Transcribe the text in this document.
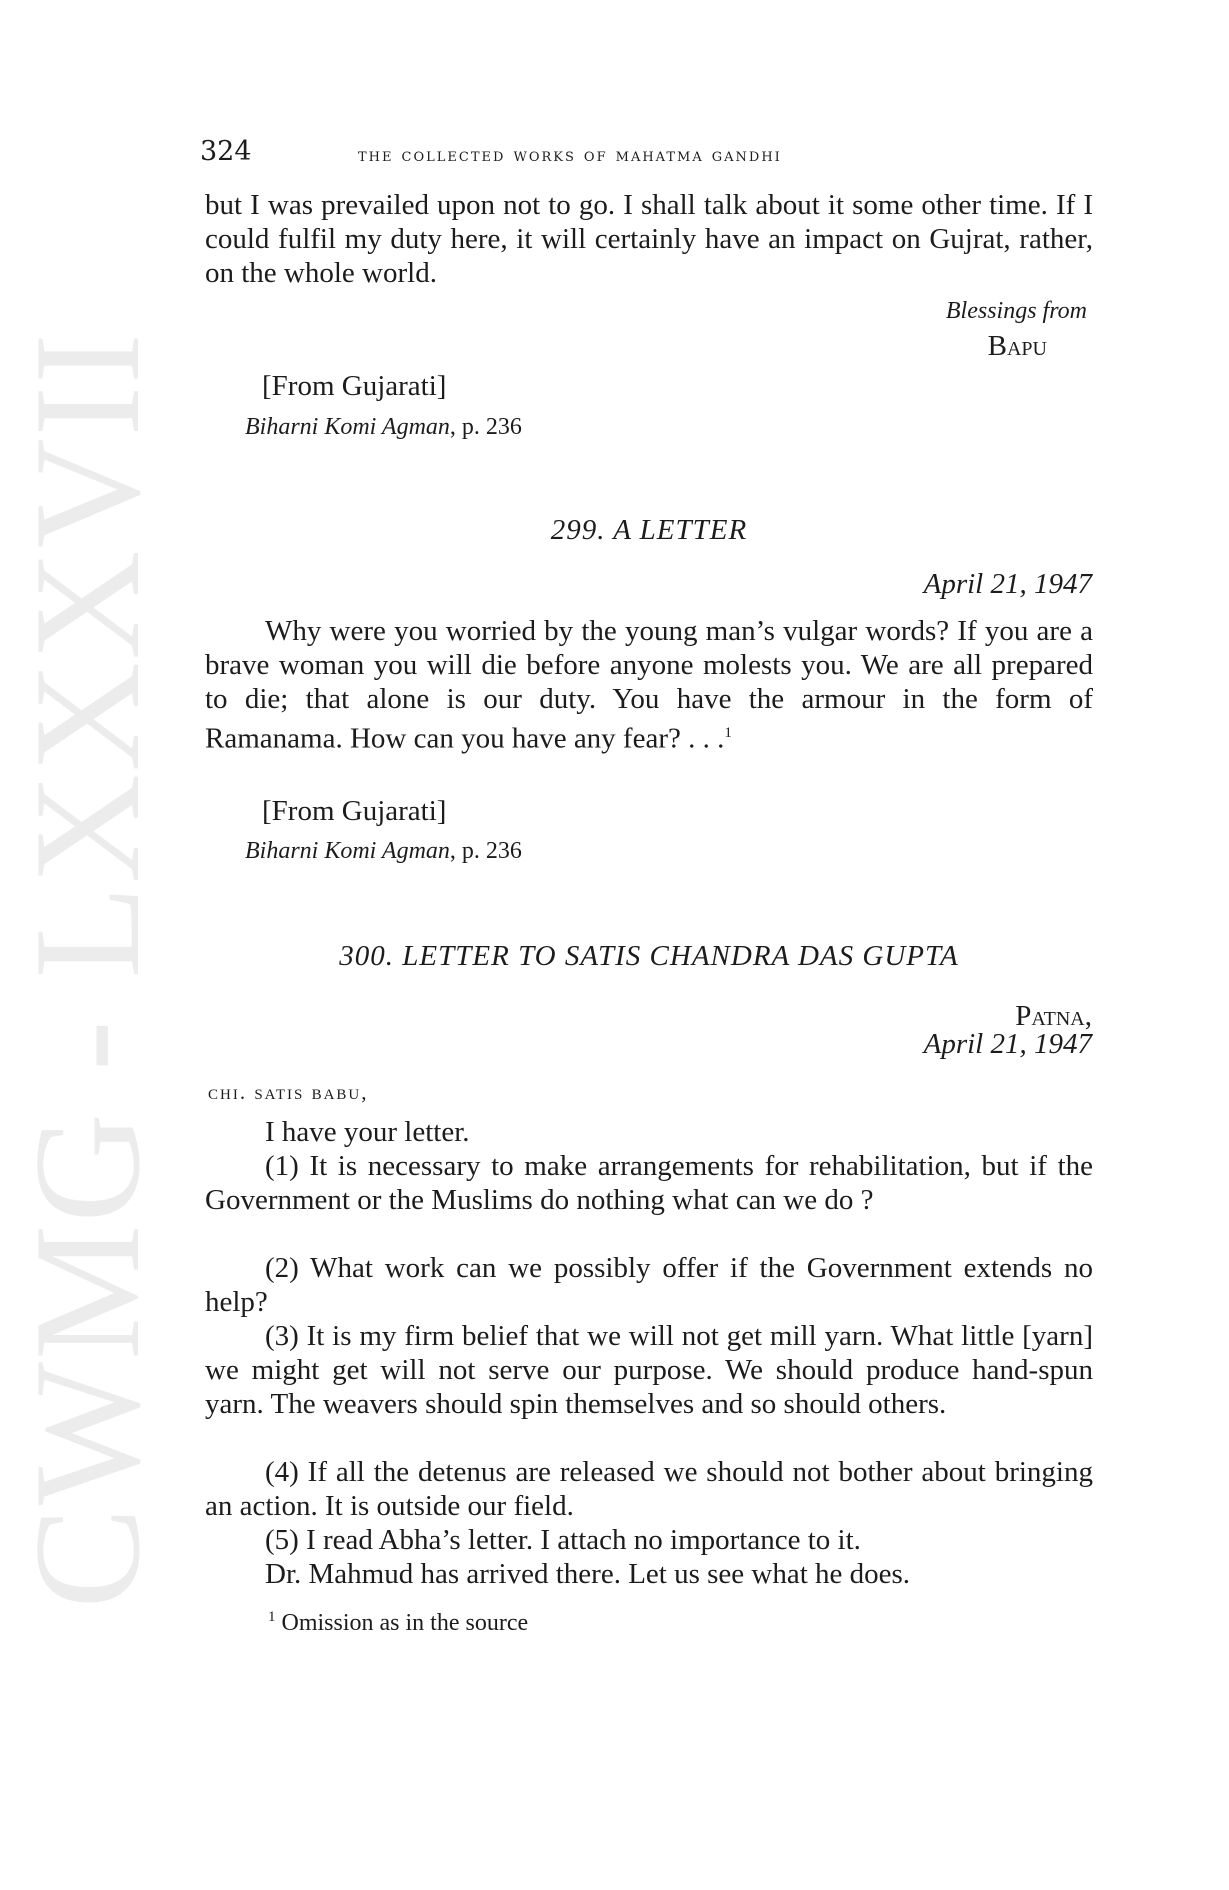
CWMG - LXXXVII
324	the collected works of mahatma gandhi
but I was prevailed upon not to go. I shall talk about it some other time. If I could fulfil my duty here, it will certainly have an impact on Gujrat, rather, on the whole world.
Blessings from
Bapu
[From Gujarati]
Biharni Komi Agman, p. 236
299. A LETTER
April 21, 1947
Why were you worried by the young man’s vulgar words? If you are a brave woman you will die before anyone molests you. We are all prepared to die; that alone is our duty. You have the armour in the form of Ramanama. How can you have any fear? . . .$^1$
[From Gujarati]
Biharni Komi Agman, p. 236
300. LETTER TO SATIS CHANDRA DAS GUPTA
Patna,
April 21, 1947
chi. satis babu,
I have your letter.
(1) It is necessary to make arrangements for rehabilitation, but if the Government or the Muslims do nothing what can we do ?
(2) What work can we possibly offer if the Government extends no help?
(3) It is my firm belief that we will not get mill yarn. What little [yarn] we might get will not serve our purpose. We should produce hand-spun yarn. The weavers should spin themselves and so should others.
(4) If all the detenus are released we should not bother about bringing an action. It is outside our field.
(5) I read Abha’s letter. I attach no importance to it.
Dr. Mahmud has arrived there. Let us see what he does.
$^1$ Omission as in the source
